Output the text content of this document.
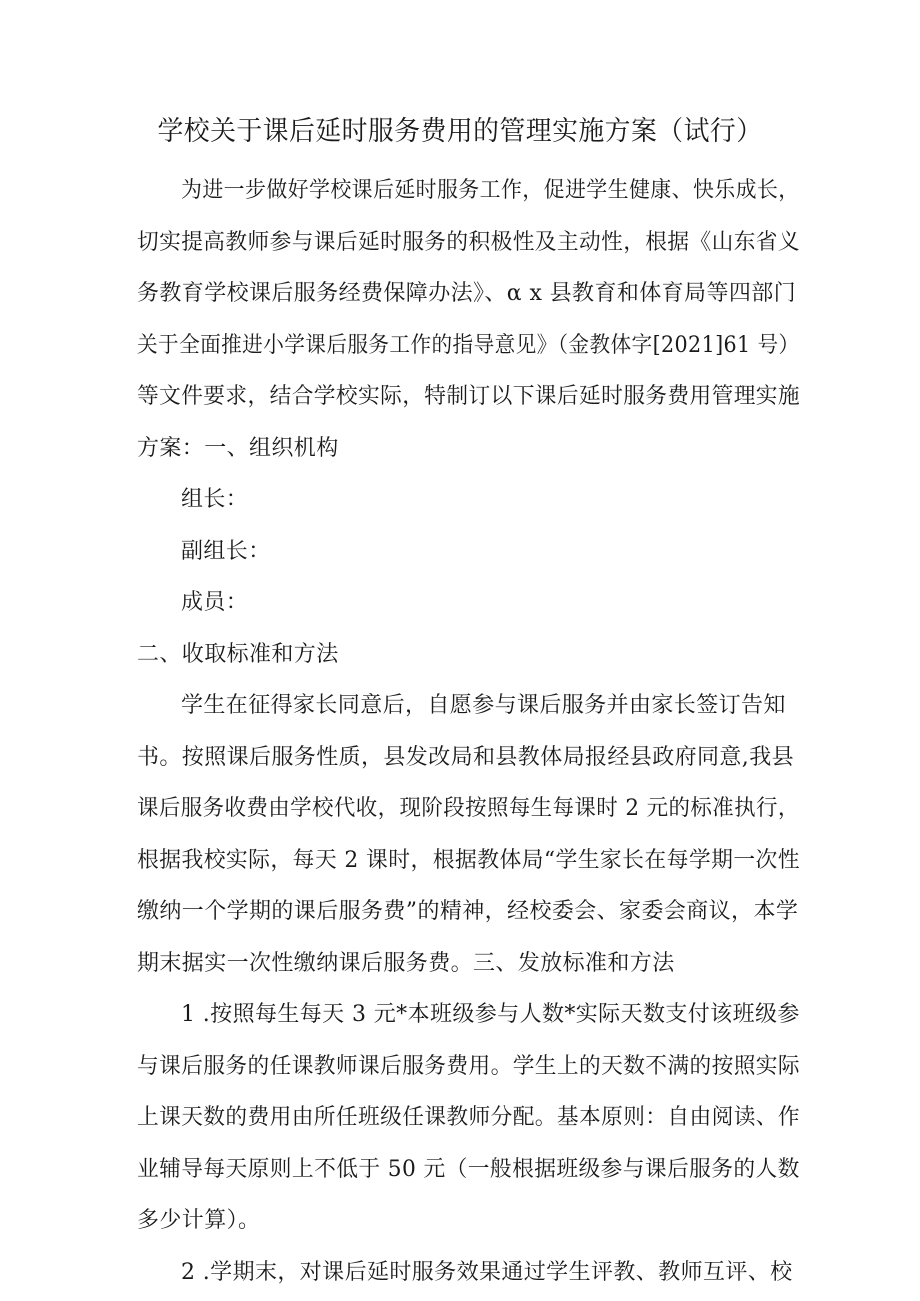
学校关于课后延时服务费用的管理实施方案（试行）
为进一步做好学校课后延时服务工作，促进学生健康、快乐成长，
切实提高教师参与课后延时服务的积极性及主动性，根据《山东省义
务教育学校课后服务经费保障办法》、α x 县教育和体育局等四部门
关于全面推进小学课后服务工作的指导意见》（金教体字[2021]61 号）
等文件要求，结合学校实际，特制订以下课后延时服务费用管理实施
方案：一、组织机构
组长：
副组长：
成员：
二、收取标准和方法
学生在征得家长同意后，自愿参与课后服务并由家长签订告知
书。按照课后服务性质，县发改局和县教体局报经县政府同意,我县
课后服务收费由学校代收，现阶段按照每生每课时 2 元的标准执行，
根据我校实际，每天 2 课时，根据教体局“学生家长在每学期一次性
缴纳一个学期的课后服务费”的精神，经校委会、家委会商议，本学
期末据实一次性缴纳课后服务费。三、发放标准和方法
1 .按照每生每天 3 元*本班级参与人数*实际天数支付该班级参
与课后服务的任课教师课后服务费用。学生上的天数不满的按照实际
上课天数的费用由所任班级任课教师分配。基本原则：自由阅读、作
业辅导每天原则上不低于 50 元（一般根据班级参与课后服务的人数
多少计算）。
2 .学期末，对课后延时服务效果通过学生评教、教师互评、校
